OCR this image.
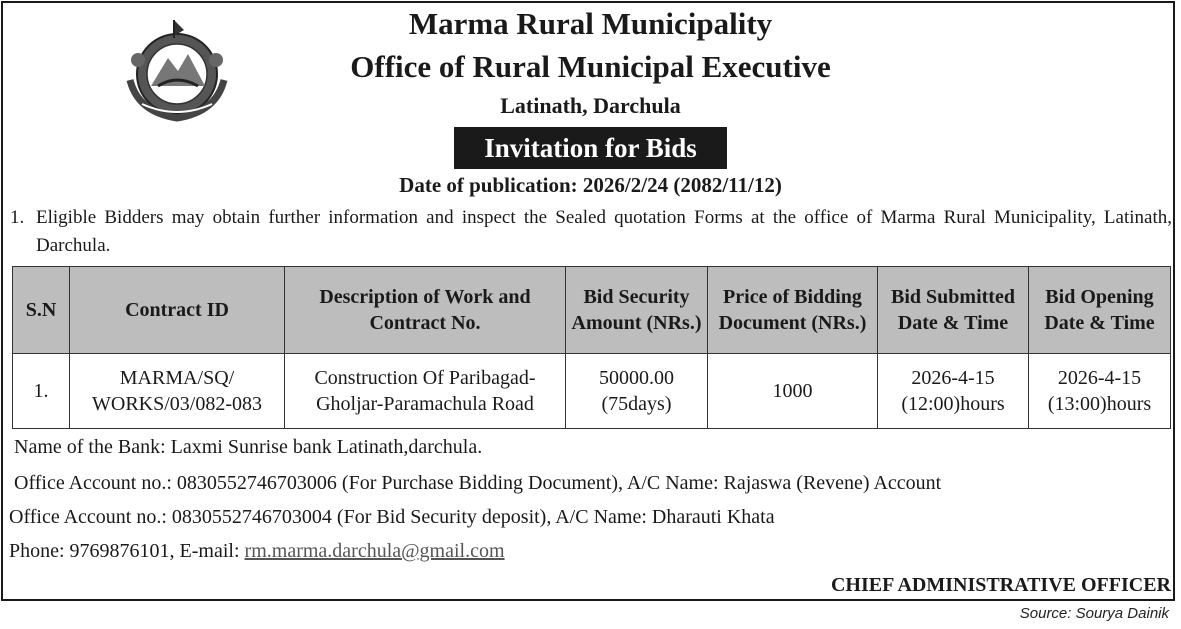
Marma Rural Municipality
Office of Rural Municipal Executive
Latinath, Darchula
Invitation for Bids
Date of publication: 2026/2/24 (2082/11/12)
1. Eligible Bidders may obtain further information and inspect the Sealed quotation Forms at the office of Marma Rural Municipality, Latinath, Darchula.
S.N	Contract ID	Description of Work and Contract No.	Bid Security Amount (NRs.)	Price of Bidding Document (NRs.)	Bid Submitted Date & Time	Bid Opening Date & Time
1.	MARMA/SQ/ WORKS/03/082-083	Construction Of Paribagad- Gholjar-Paramachula Road	50000.00 (75days)	1000	2026-4-15 (12:00)hours	2026-4-15 (13:00)hours
Name of the Bank: Laxmi Sunrise bank Latinath,darchula.
Office Account no.: 0830552746703006 (For Purchase Bidding Document), A/C Name: Rajaswa (Revene) Account
Office Account no.: 0830552746703004 (For Bid Security deposit), A/C Name: Dharauti Khata
Phone: 9769876101, E-mail: rm.marma.darchula@gmail.com
CHIEF ADMINISTRATIVE OFFICER
Source: Sourya Dainik
